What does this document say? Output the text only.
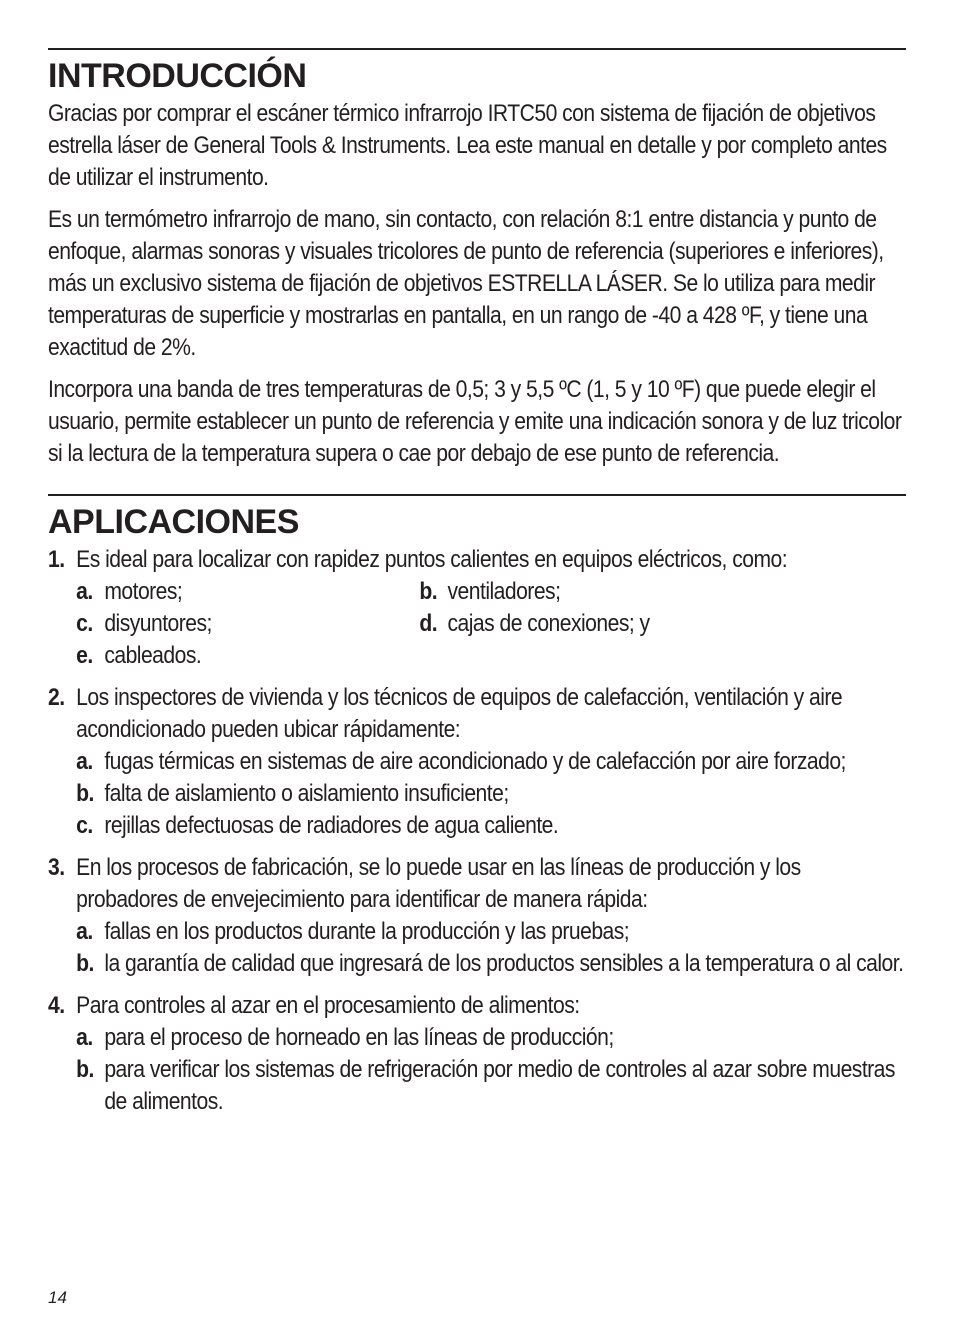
INTRODUCCIÓN

Gracias por comprar el escáner térmico infrarrojo IRTC50 con sistema de fijación de objetivos estrella láser de General Tools & Instruments. Lea este manual en detalle y por completo antes de utilizar el instrumento.

Es un termómetro infrarrojo de mano, sin contacto, con relación 8:1 entre distancia y punto de enfoque, alarmas sonoras y visuales tricolores de punto de referencia (superiores e inferiores), más un exclusivo sistema de fijación de objetivos ESTRELLA LÁSER. Se lo utiliza para medir temperaturas de superficie y mostrarlas en pantalla, en un rango de -40 a 428 ºF, y tiene una exactitud de 2%.

Incorpora una banda de tres temperaturas de 0,5; 3 y 5,5 ºC (1, 5 y 10 ºF) que puede elegir el usuario, permite establecer un punto de referencia y emite una indicación sonora y de luz tricolor si la lectura de la temperatura supera o cae por debajo de ese punto de referencia.

APLICACIONES
1. Es ideal para localizar con rapidez puntos calientes en equipos eléctricos, como:
a. motores;	b. ventiladores;
c. disyuntores;	d. cajas de conexiones; y
e. cableados.
2. Los inspectores de vivienda y los técnicos de equipos de calefacción, ventilación y aire acondicionado pueden ubicar rápidamente:
a. fugas térmicas en sistemas de aire acondicionado y de calefacción por aire forzado;
b. falta de aislamiento o aislamiento insuficiente;
c. rejillas defectuosas de radiadores de agua caliente.
3. En los procesos de fabricación, se lo puede usar en las líneas de producción y los probadores de envejecimiento para identificar de manera rápida:
a. fallas en los productos durante la producción y las pruebas;
b. la garantía de calidad que ingresará de los productos sensibles a la temperatura o al calor.
4. Para controles al azar en el procesamiento de alimentos:
a. para el proceso de horneado en las líneas de producción;
b. para verificar los sistemas de refrigeración por medio de controles al azar sobre muestras de alimentos.
14
